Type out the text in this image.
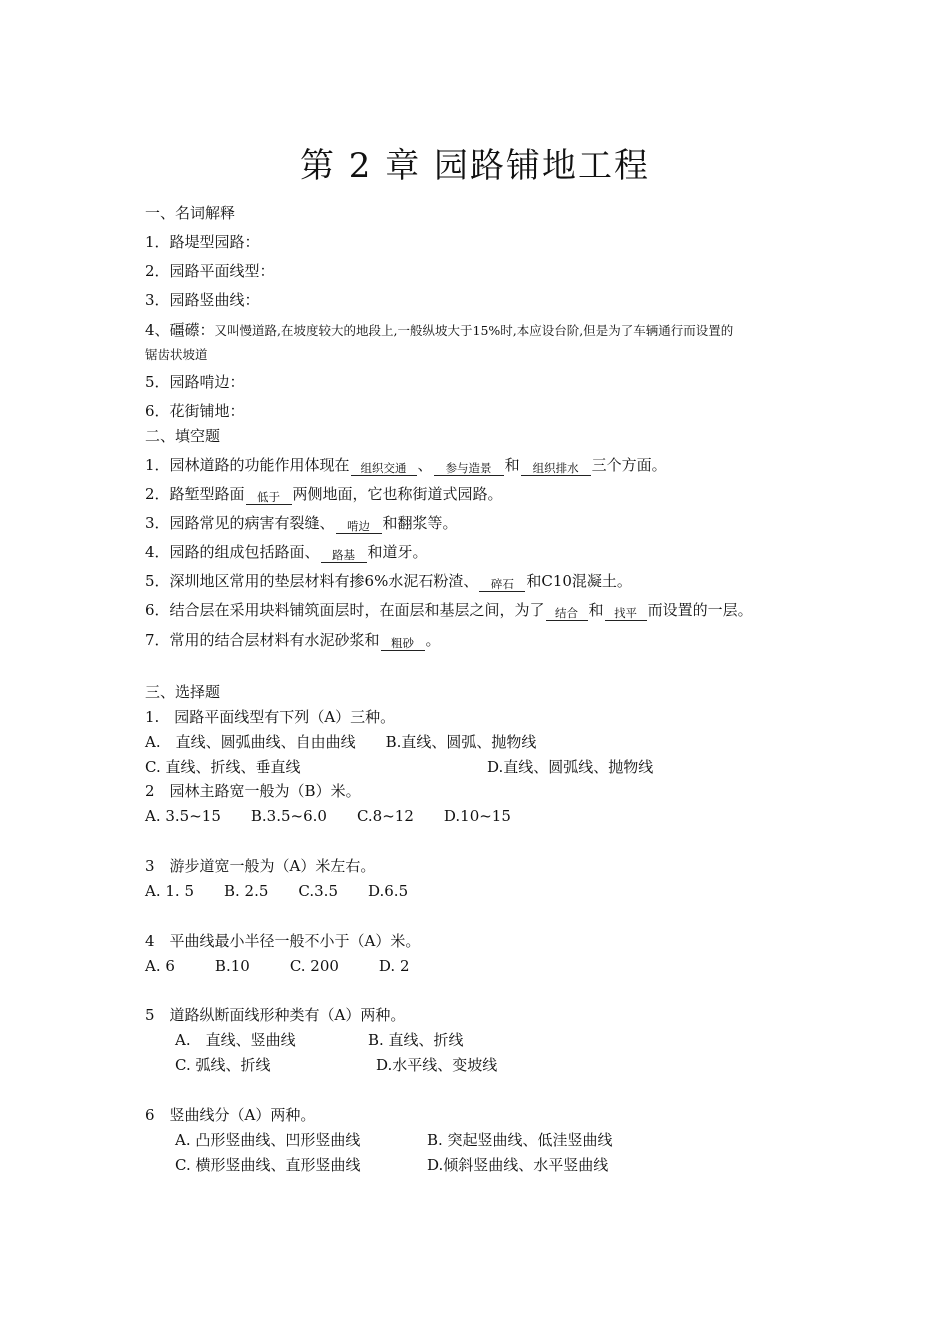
第 2 章 园路铺地工程
一、名词解释
1．路堤型园路：
2．园路平面线型：
3．园路竖曲线：
4、礓礤：又叫慢道路,在坡度较大的地段上,一般纵坡大于15%时,本应设台阶,但是为了车辆通行而设置的
锯齿状坡道
5．园路啃边：
6．花街铺地：
二、填空题
1．园林道路的功能作用体现在 组织交通 、 参与造景 和 组织排水 三个方面。
2．路堑型路面 低于 两侧地面，它也称街道式园路。
3．园路常见的病害有裂缝、 啃边 和翻浆等。
4．园路的组成包括路面、 路基 和道牙。
5．深圳地区常用的垫层材料有掺6%水泥石粉渣、 碎石 和C10混凝土。
6．结合层在采用块料铺筑面层时，在面层和基层之间，为了 结合 和 找平 而设置的一层。
7．常用的结合层材料有水泥砂浆和 粗砂 。
三、选择题
1.　园路平面线型有下列（A）三种。
A.　直线、圆弧曲线、自由曲线 B.直线、圆弧、抛物线
C. 直线、折线、垂直线	D.直线、圆弧线、抛物线
2　园林主路宽一般为（B）米。
A. 3.5~15 B.3.5~6.0 C.8~12 D.10~15
3　游步道宽一般为（A）米左右。
A. 1. 5 B. 2.5 C.3.5 D.6.5
4　平曲线最小半径一般不小于（A）米。
A. 6	B.10	C. 200	D. 2
5　道路纵断面线形种类有（A）两种。
A.　直线、竖曲线	B. 直线、折线
C. 弧线、折线	D.水平线、变坡线
6　竖曲线分（A）两种。
A. 凸形竖曲线、凹形竖曲线	B. 突起竖曲线、低洼竖曲线
C. 横形竖曲线、直形竖曲线	D.倾斜竖曲线、水平竖曲线
